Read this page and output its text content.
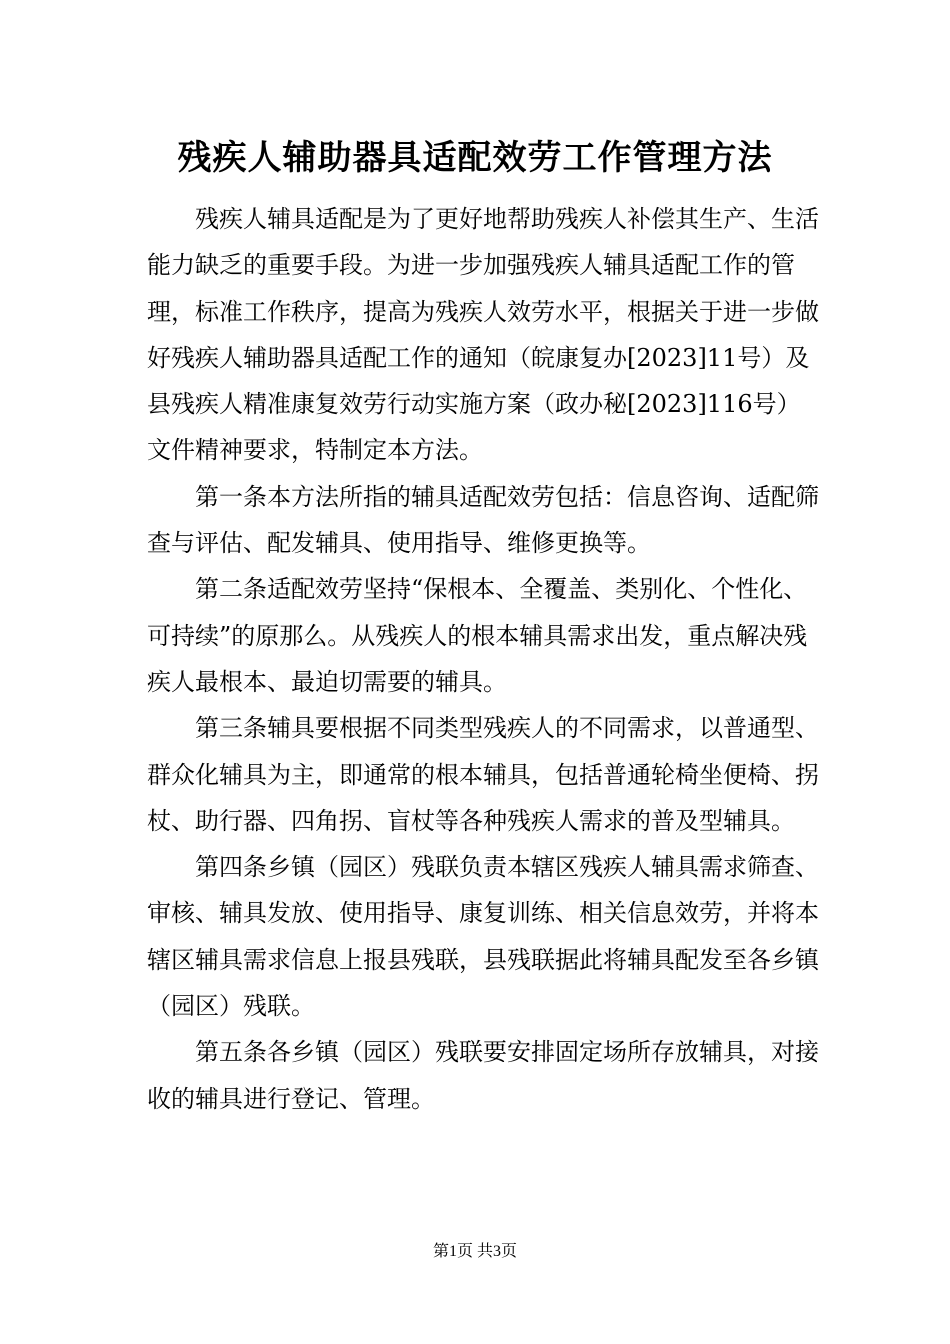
残疾人辅助器具适配效劳工作管理方法

残疾人辅具适配是为了更好地帮助残疾人补偿其生产、生活能力缺乏的重要手段。为进一步加强残疾人辅具适配工作的管理，标准工作秩序，提高为残疾人效劳水平，根据关于进一步做好残疾人辅助器具适配工作的通知（皖康复办[2023]11号）及县残疾人精准康复效劳行动实施方案（政办秘[2023]116号）文件精神要求，特制定本方法。

第一条本方法所指的辅具适配效劳包括：信息咨询、适配筛查与评估、配发辅具、使用指导、维修更换等。

第二条适配效劳坚持“保根本、全覆盖、类别化、个性化、可持续”的原那么。从残疾人的根本辅具需求出发，重点解决残疾人最根本、最迫切需要的辅具。

第三条辅具要根据不同类型残疾人的不同需求，以普通型、群众化辅具为主，即通常的根本辅具，包括普通轮椅坐便椅、拐杖、助行器、四角拐、盲杖等各种残疾人需求的普及型辅具。

第四条乡镇（园区）残联负责本辖区残疾人辅具需求筛查、审核、辅具发放、使用指导、康复训练、相关信息效劳，并将本辖区辅具需求信息上报县残联，县残联据此将辅具配发至各乡镇（园区）残联。

第五条各乡镇（园区）残联要安排固定场所存放辅具，对接收的辅具进行登记、管理。

第1页 共3页
